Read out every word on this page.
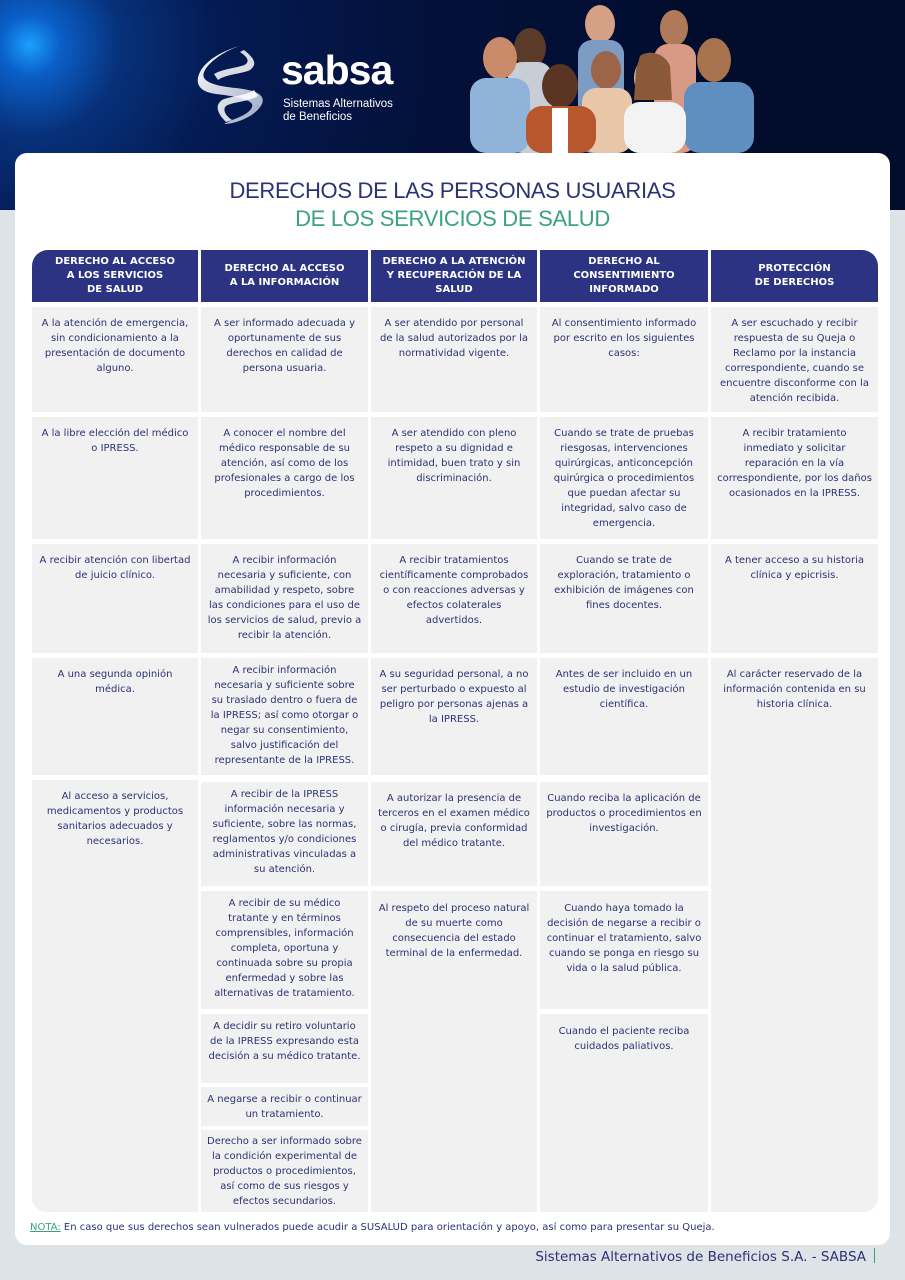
sabsa
Sistemas Alternativos
de Beneficios
DERECHOS DE LAS PERSONAS USUARIAS
DE LOS SERVICIOS DE SALUD
DERECHO AL ACCESO
A LOS SERVICIOS
DE SALUD
DERECHO AL ACCESO
A LA INFORMACIÓN
DERECHO A LA ATENCIÓN
Y RECUPERACIÓN DE LA SALUD
DERECHO AL CONSENTIMIENTO
INFORMADO
PROTECCIÓN
DE DERECHOS
A la atención de emergencia, sin condicionamiento a la presentación de documento alguno.
A la libre elección del médico o IPRESS.
A recibir atención con libertad de juicio clínico.
A una segunda opinión médica.
Al acceso a servicios, medicamentos y productos sanitarios adecuados y necesarios.
A ser informado adecuada y oportunamente de sus derechos en calidad de persona usuaria.
A conocer el nombre del médico responsable de su atención, así como de los profesionales a cargo de los procedimientos.
A recibir información necesaria y suficiente, con amabilidad y respeto, sobre las condiciones para el uso de los servicios de salud, previo a recibir la atención.
A recibir información necesaria y suficiente sobre su traslado dentro o fuera de la IPRESS; así como otorgar o negar su consentimiento, salvo justificación del representante de la IPRESS.
A recibir de la IPRESS información necesaria y suficiente, sobre las normas, reglamentos y/o condiciones administrativas vinculadas a su atención.
A recibir de su médico tratante y en términos comprensibles, información completa, oportuna y continuada sobre su propia enfermedad y sobre las alternativas de tratamiento.
A decidir su retiro voluntario de la IPRESS expresando esta decisión a su médico tratante.
A negarse a recibir o continuar un tratamiento.
Derecho a ser informado sobre la condición experimental de productos o procedimientos, así como de sus riesgos y efectos secundarios.
A ser atendido por personal de la salud autorizados por la normatividad vigente.
A ser atendido con pleno respeto a su dignidad e intimidad, buen trato y sin discriminación.
A recibir tratamientos científicamente comprobados o con reacciones adversas y efectos colaterales advertidos.
A su seguridad personal, a no ser perturbado o expuesto al peligro por personas ajenas a la IPRESS.
A autorizar la presencia de terceros en el examen médico o cirugía, previa conformidad del médico tratante.
Al respeto del proceso natural de su muerte como consecuencia del estado terminal de la enfermedad.
Al consentimiento informado por escrito en los siguientes casos:
Cuando se trate de pruebas riesgosas, intervenciones quirúrgicas, anticoncepción quirúrgica o procedimientos que puedan afectar su integridad, salvo caso de emergencia.
Cuando se trate de exploración, tratamiento o exhibición de imágenes con fines docentes.
Antes de ser incluido en un estudio de investigación científica.
Cuando reciba la aplicación de productos o procedimientos en investigación.
Cuando haya tomado la decisión de negarse a recibir o continuar el tratamiento, salvo cuando se ponga en riesgo su vida o la salud pública.
Cuando el paciente reciba cuidados paliativos.
A ser escuchado y recibir respuesta de su Queja o Reclamo por la instancia correspondiente, cuando se encuentre disconforme con la atención recibida.
A recibir tratamiento inmediato y solicitar reparación en la vía correspondiente, por los daños ocasionados en la IPRESS.
A tener acceso a su historia clínica y epicrisis.
Al carácter reservado de la información contenida en su historia clínica.
NOTA: En caso que sus derechos sean vulnerados puede acudir a SUSALUD para orientación y apoyo, así como para presentar su Queja.
Sistemas Alternativos de Beneficios S.A. - SABSA
